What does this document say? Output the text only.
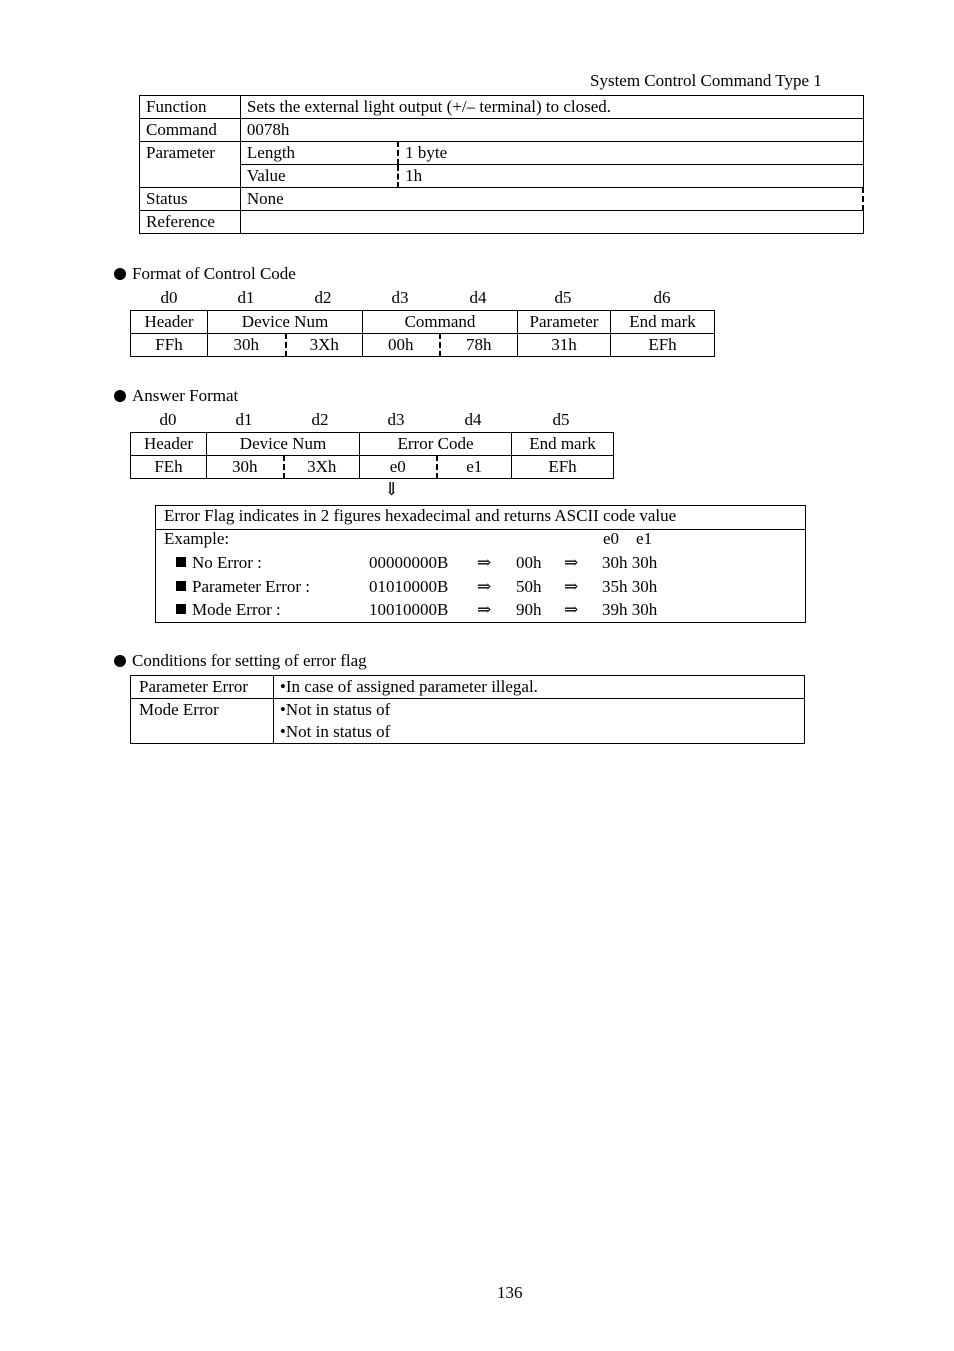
System Control Command Type 1
Function	Sets the external light output (+/– terminal) to closed.	
Command	0078h	
Parameter	Length	1 byte
	Value	1h
Status	None	
Reference		
Format of Control Code
d0	d1	d2	d3	d4	d5	d6
Header	Device Num		Command		Parameter	End mark
FFh	30h	3Xh	00h	78h	31h	EFh
Answer Format
d0	d1	d2	d3	d4	d5
Header	Device Num		Error Code		End mark
FEh	30h	3Xh	e0	e1	EFh
⇓
Error Flag indicates in 2 figures hexadecimal and returns ASCII code value
Example:	e0    e1
No Error :	00000000B ⇒ 00h ⇒ 30h 30h
Parameter Error :	01010000B ⇒ 50h ⇒ 35h 30h
Mode Error :	10010000B ⇒ 90h ⇒ 39h 30h
Conditions for setting of error flag
Parameter Error	•In case of assigned parameter illegal.
Mode Error	•Not in status of
•Not in status of
136
